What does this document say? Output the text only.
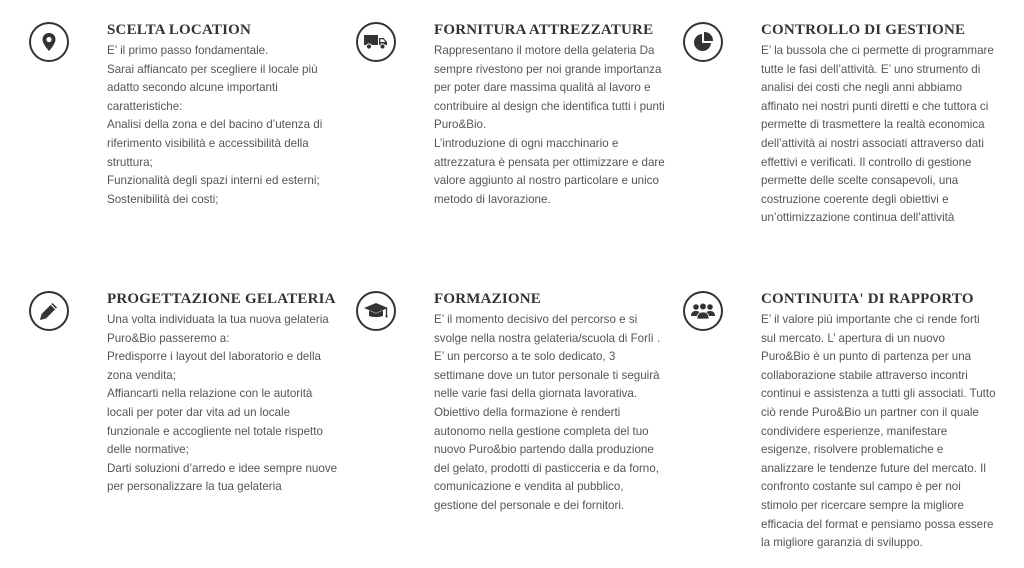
SCELTA LOCATION
E’ il primo passo fondamentale.
Sarai affiancato per scegliere il locale più adatto secondo alcune importanti caratteristiche:
Analisi della zona e del bacino d’utenza di riferimento visibilità e accessibilità della struttura;
Funzionalità degli spazi interni ed esterni;
Sostenibilità dei costi;
FORNITURA ATTREZZATURE
Rappresentano il motore della gelateria Da sempre rivestono per noi grande importanza per poter dare massima qualità al lavoro e contribuire al design che identifica tutti i punti Puro&Bio.
L’introduzione di ogni macchinario e attrezzatura è pensata per ottimizzare e dare valore aggiunto al nostro particolare e unico metodo di lavorazione.
CONTROLLO DI GESTIONE
E’ la bussola che ci permette di programmare tutte le fasi dell’attività. E’ uno strumento di analisi dei costi che negli anni abbiamo affinato nei nostri punti diretti e che tuttora ci permette di trasmettere la realtà economica dell’attività ai nostri associati attraverso dati effettivi e verificati. Il controllo di gestione permette delle scelte consapevoli, una costruzione coerente degli obiettivi e un’ottimizzazione continua dell’attività
PROGETTAZIONE GELATERIA
Una volta individuata la tua nuova gelateria Puro&Bio passeremo a:
Predisporre i layout del laboratorio e della zona vendita;
Affiancarti nella relazione con le autorità locali per poter dar vita ad un locale funzionale e accogliente nel totale rispetto delle normative;
Darti soluzioni d’arredo e idee sempre nuove per personalizzare la tua gelateria
FORMAZIONE
E’ il momento decisivo del percorso e si svolge nella nostra gelateria/scuola di Forlì . E’ un percorso a te solo dedicato, 3 settimane dove un tutor personale ti seguirà nelle varie fasi della giornata lavorativa. Obiettivo della formazione è renderti autonomo nella gestione completa del tuo nuovo Puro&bio partendo dalla produzione del gelato, prodotti di pasticceria e da forno, comunicazione e vendita al pubblico, gestione del personale e dei fornitori.
CONTINUITA' DI RAPPORTO
E’ il valore più importante che ci rende forti sul mercato. L’ apertura di un nuovo Puro&Bio è un punto di partenza per una collaborazione stabile attraverso incontri continui e assistenza a tutti gli associati. Tutto ciò rende Puro&Bio un partner con il quale condividere esperienze, manifestare esigenze, risolvere problematiche e analizzare le tendenze future del mercato. Il confronto costante sul campo è per noi stimolo per ricercare sempre la migliore efficacia del format e pensiamo possa essere la migliore garanzia di sviluppo.
